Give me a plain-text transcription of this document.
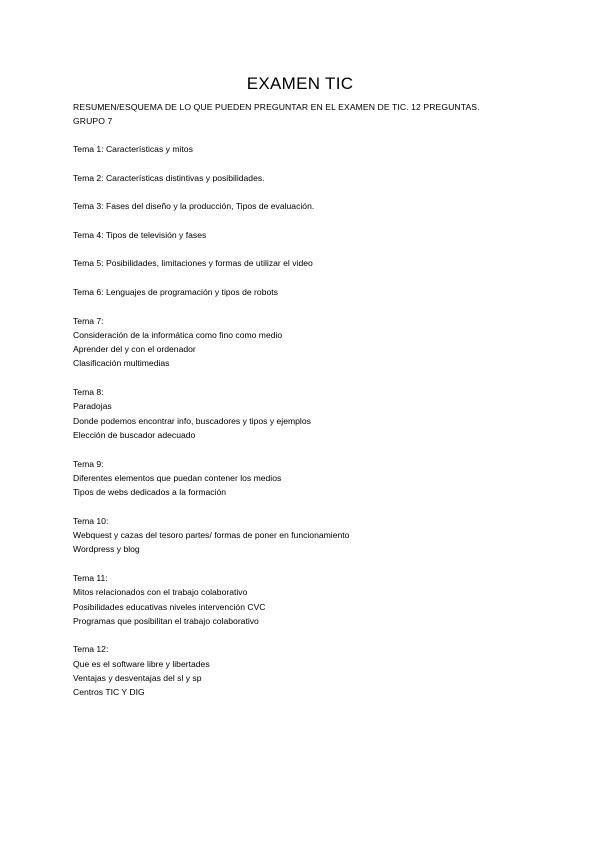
EXAMEN TIC
RESUMEN/ESQUEMA DE LO QUE PUEDEN PREGUNTAR EN EL EXAMEN DE TIC. 12 PREGUNTAS.
GRUPO 7
Tema 1: Características y mitos
Tema 2: Características distintivas y posibilidades.
Tema 3: Fases del diseño y la producción, Tipos de evaluación.
Tema 4: Tipos de televisión y fases
Tema 5: Posibilidades, limitaciones y formas de utilizar el video
Tema 6: Lenguajes de programación y tipos de robots
Tema 7:
Consideración de la informática como fino como medio
Aprender del y con el ordenador
Clasificación multimedias
Tema 8:
Paradojas
Donde podemos encontrar info, buscadores y tipos y ejemplos
Elección de buscador adecuado
Tema 9:
Diferentes elementos que puedan contener los medios
Tipos de webs dedicados a la formación
Tema 10:
Webquest y cazas del tesoro partes/ formas de poner en funcionamiento
Wordpress y blog
Tema 11:
Mitos relacionados con el trabajo colaborativo
Posibilidades educativas niveles intervención CVC
Programas que posibilitan el trabajo colaborativo
Tema 12:
Que es el software libre y libertades
Ventajas y desventajas del sl y sp
Centros TIC Y DIG
